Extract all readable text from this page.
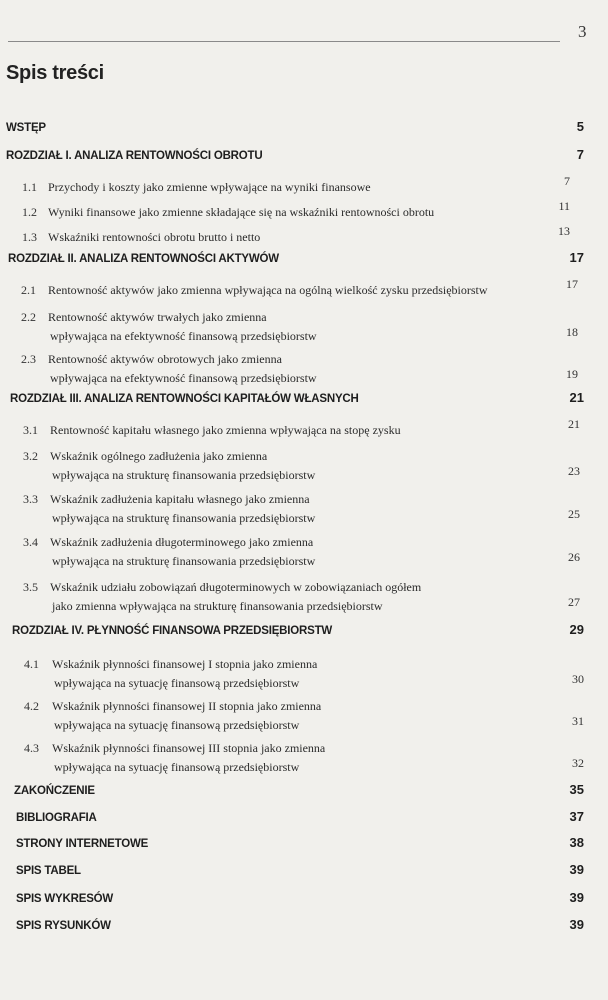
3
Spis treści
WSTĘP	5
ROZDZIAŁ I. ANALIZA RENTOWNOŚCI OBROTU	7
1.1 Przychody i koszty jako zmienne wpływające na wyniki finansowe	7
1.2 Wyniki finansowe jako zmienne składające się na wskaźniki rentowności obrotu	11
1.3 Wskaźniki rentowności obrotu brutto i netto	13
ROZDZIAŁ II. ANALIZA RENTOWNOŚCI AKTYWÓW	17
2.1 Rentowność aktywów jako zmienna wpływająca na ogólną wielkość zysku przedsiębiorstw	17
2.2 Rentowność aktywów trwałych jako zmienna
wpływająca na efektywność finansową przedsiębiorstw	18
2.3 Rentowność aktywów obrotowych jako zmienna
wpływająca na efektywność finansową przedsiębiorstw	19
ROZDZIAŁ III. ANALIZA RENTOWNOŚCI KAPITAŁÓW WŁASNYCH	21
3.1 Rentowność kapitału własnego jako zmienna wpływająca na stopę zysku	21
3.2 Wskaźnik ogólnego zadłużenia jako zmienna
wpływająca na strukturę finansowania przedsiębiorstw	23
3.3 Wskaźnik zadłużenia kapitału własnego jako zmienna
wpływająca na strukturę finansowania przedsiębiorstw	25
3.4 Wskaźnik zadłużenia długoterminowego jako zmienna
wpływająca na strukturę finansowania przedsiębiorstw	26
3.5 Wskaźnik udziału zobowiązań długoterminowych w zobowiązaniach ogółem
jako zmienna wpływająca na strukturę finansowania przedsiębiorstw	27
ROZDZIAŁ IV. PŁYNNOŚĆ FINANSOWA PRZEDSIĘBIORSTW	29
4.1 Wskaźnik płynności finansowej I stopnia jako zmienna
wpływająca na sytuację finansową przedsiębiorstw	30
4.2 Wskaźnik płynności finansowej II stopnia jako zmienna
wpływająca na sytuację finansową przedsiębiorstw	31
4.3 Wskaźnik płynności finansowej III stopnia jako zmienna
wpływająca na sytuację finansową przedsiębiorstw	32
ZAKOŃCZENIE	35
BIBLIOGRAFIA	37
STRONY INTERNETOWE	38
SPIS TABEL	39
SPIS WYKRESÓW	39
SPIS RYSUNKÓW	39
